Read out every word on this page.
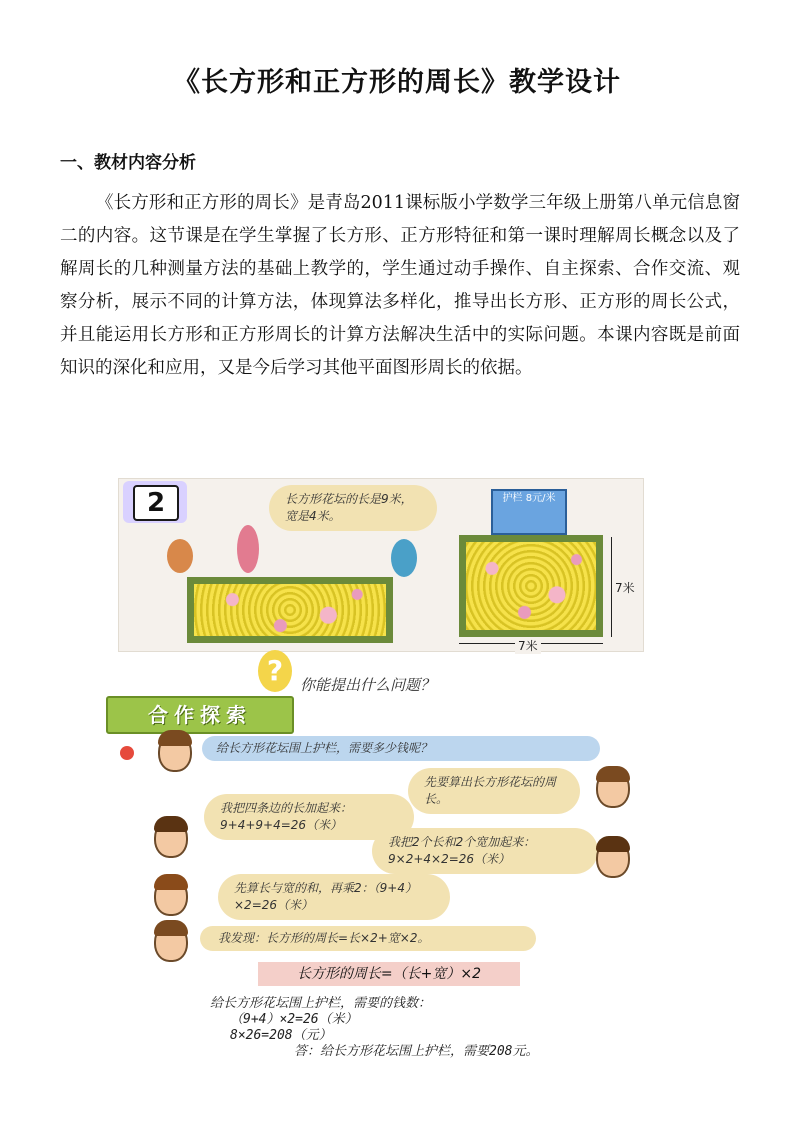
《长方形和正方形的周长》教学设计
一、教材内容分析

《长方形和正方形的周长》是青岛2011课标版小学数学三年级上册第八单元信息窗二的内容。这节课是在学生掌握了长方形、正方形特征和第一课时理解周长概念以及了解周长的几种测量方法的基础上教学的，学生通过动手操作、自主探索、合作交流、观察分析，展示不同的计算方法，体现算法多样化，推导出长方形、正方形的周长公式，并且能运用长方形和正方形周长的计算方法解决生活中的实际问题。本课内容既是前面知识的深化和应用，又是今后学习其他平面图形周长的依据。

2	长方形花坛的长是9米，宽是4米。
护栏 8元/米
7米
7米
?	你能提出什么问题？
合作探索
给长方形花坛围上护栏，需要多少钱呢？
先要算出长方形花坛的周长。
我把四条边的长加起来：9+4+9+4=26（米）
我把2个长和2个宽加起来：9×2+4×2=26（米）
先算长与宽的和，再乘2：（9+4）×2=26（米）
我发现：长方形的周长=长×2+宽×2。
长方形的周长=（长+宽）×2
给长方形花坛围上护栏，需要的钱数：
（9+4）×2=26（米）
8×26=208（元）
答：给长方形花坛围上护栏，需要208元。
